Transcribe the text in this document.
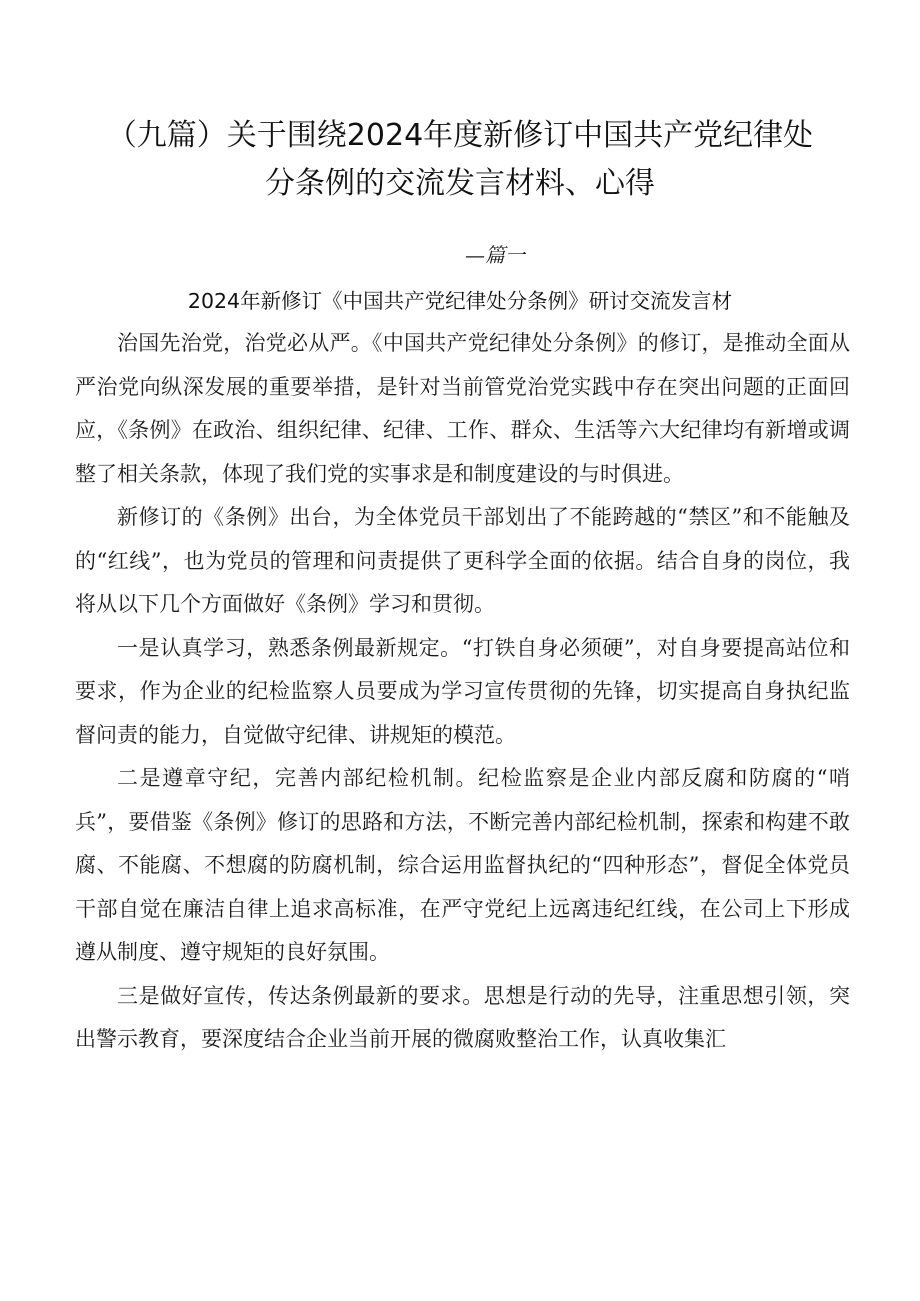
（九篇）关于围绕2024年度新修订中国共产党纪律处
分条例的交流发言材料、心得
—篇一
2024年新修订《中国共产党纪律处分条例》研讨交流发言材

治国先治党，治党必从严。《中国共产党纪律处分条例》的修订，是推动全面从严治党向纵深发展的重要举措，是针对当前管党治党实践中存在突出问题的正面回应，《条例》在政治、组织纪律、纪律、工作、群众、生活等六大纪律均有新增或调整了相关条款，体现了我们党的实事求是和制度建设的与时俱进。

新修订的《条例》出台，为全体党员干部划出了不能跨越的“禁区”和不能触及的“红线”，也为党员的管理和问责提供了更科学全面的依据。结合自身的岗位，我将从以下几个方面做好《条例》学习和贯彻。

一是认真学习，熟悉条例最新规定。“打铁自身必须硬”，对自身要提高站位和要求，作为企业的纪检监察人员要成为学习宣传贯彻的先锋，切实提高自身执纪监督问责的能力，自觉做守纪律、讲规矩的模范。

二是遵章守纪，完善内部纪检机制。纪检监察是企业内部反腐和防腐的“哨兵”，要借鉴《条例》修订的思路和方法，不断完善内部纪检机制，探索和构建不敢腐、不能腐、不想腐的防腐机制，综合运用监督执纪的“四种形态”，督促全体党员干部自觉在廉洁自律上追求高标准，在严守党纪上远离违纪红线，在公司上下形成遵从制度、遵守规矩的良好氛围。

三是做好宣传，传达条例最新的要求。思想是行动的先导，注重思想引领，突出警示教育，要深度结合企业当前开展的微腐败整治工作，认真收集汇
